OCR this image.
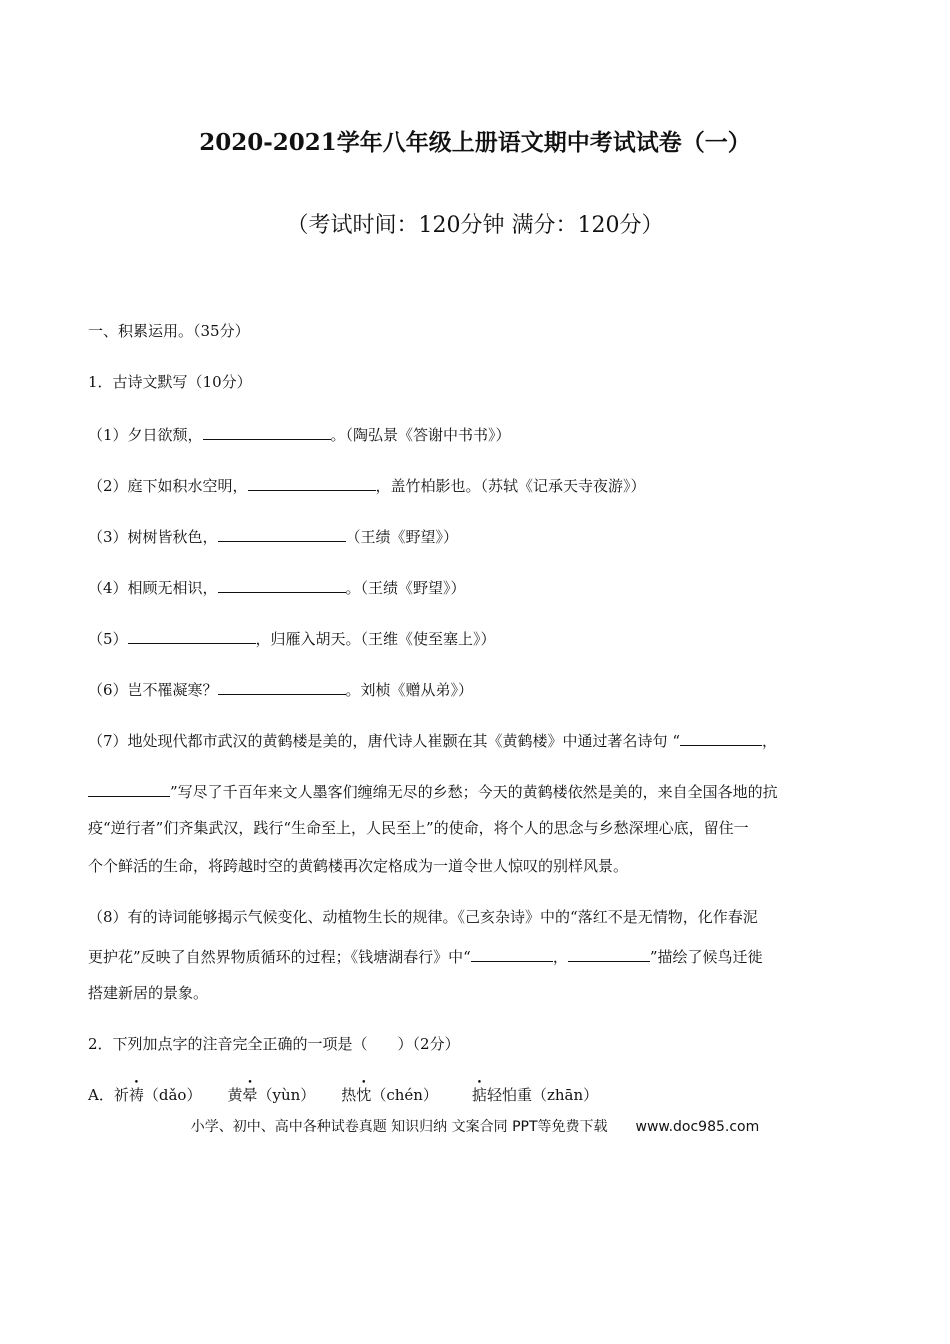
2020-2021学年八年级上册语文期中考试试卷（一）
（考试时间：120分钟 满分：120分）
一、积累运用。（35分）
1．古诗文默写（10分）
（1）夕日欲颓，	。（陶弘景《答谢中书书》）
（2）庭下如积水空明，	，盖竹柏影也。（苏轼《记承天寺夜游》）
（3）树树皆秋色，	（王绩《野望》）
（4）相顾无相识，	。（王绩《野望》）
（5）	，归雁入胡天。（王维《使至塞上》）
（6）岂不罹凝寒？	。刘桢《赠从弟》）
（7）地处现代都市武汉的黄鹤楼是美的，唐代诗人崔颢在其《黄鹤楼》中通过著名诗句 “	，
”写尽了千百年来文人墨客们缠绵无尽的乡愁；今天的黄鹤楼依然是美的，来自全国各地的抗
疫“逆行者”们齐集武汉，践行“生命至上，人民至上”的使命，将个人的思念与乡愁深埋心底，留住一
个个鲜活的生命，将跨越时空的黄鹤楼再次定格成为一道令世人惊叹的别样风景。
（8）有的诗词能够揭示气候变化、动植物生长的规律。《己亥杂诗》中的“落红不是无情物，化作春泥
更护花”反映了自然界物质循环的过程；《钱塘湖春行》中“	，	”描绘了候鸟迁徙
搭建新居的景象。
2．下列加点字的注音完全正确的一项是（　　）（2分）
A．祈祷（dǎo） 黄晕（yùn） 热忱（chén） 掂轻怕重（zhān）
小学、初中、高中各种试卷真题 知识归纳 文案合同 PPT等免费下载　　www.doc985.com
